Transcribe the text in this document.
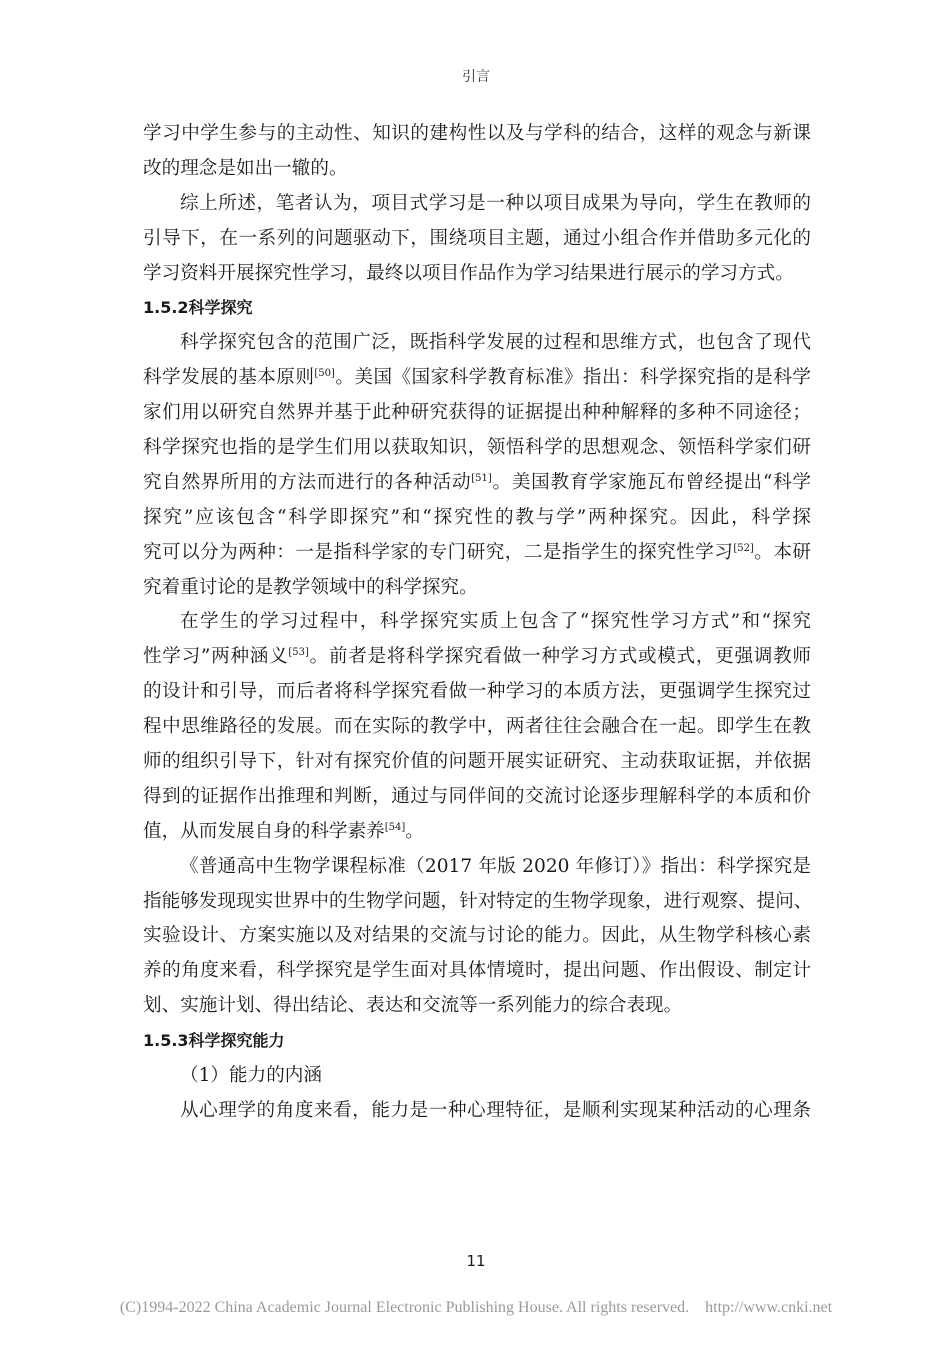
引言
学习中学生参与的主动性、知识的建构性以及与学科的结合，这样的观念与新课
改的理念是如出一辙的。
综上所述，笔者认为，项目式学习是一种以项目成果为导向，学生在教师的
引导下，在一系列的问题驱动下，围绕项目主题，通过小组合作并借助多元化的
学习资料开展探究性学习，最终以项目作品作为学习结果进行展示的学习方式。
1.5.2科学探究
科学探究包含的范围广泛，既指科学发展的过程和思维方式，也包含了现代
科学发展的基本原则[50]。美国《国家科学教育标准》指出：科学探究指的是科学
家们用以研究自然界并基于此种研究获得的证据提出种种解释的多种不同途径；
科学探究也指的是学生们用以获取知识，领悟科学的思想观念、领悟科学家们研
究自然界所用的方法而进行的各种活动[51]。美国教育学家施瓦布曾经提出“科学
探究”应该包含“科学即探究”和“探究性的教与学”两种探究。因此，科学探
究可以分为两种：一是指科学家的专门研究，二是指学生的探究性学习[52]。本研
究着重讨论的是教学领域中的科学探究。
在学生的学习过程中，科学探究实质上包含了“探究性学习方式”和“探究
性学习”两种涵义[53]。前者是将科学探究看做一种学习方式或模式，更强调教师
的设计和引导，而后者将科学探究看做一种学习的本质方法，更强调学生探究过
程中思维路径的发展。而在实际的教学中，两者往往会融合在一起。即学生在教
师的组织引导下，针对有探究价值的问题开展实证研究、主动获取证据，并依据
得到的证据作出推理和判断，通过与同伴间的交流讨论逐步理解科学的本质和价
值，从而发展自身的科学素养[54]。
《普通高中生物学课程标准（2017 年版 2020 年修订）》指出：科学探究是
指能够发现现实世界中的生物学问题，针对特定的生物学现象，进行观察、提问、
实验设计、方案实施以及对结果的交流与讨论的能力。因此，从生物学科核心素
养的角度来看，科学探究是学生面对具体情境时，提出问题、作出假设、制定计
划、实施计划、得出结论、表达和交流等一系列能力的综合表现。
1.5.3科学探究能力
（1）能力的内涵
从心理学的角度来看，能力是一种心理特征，是顺利实现某种活动的心理条
11
(C)1994-2022 China Academic Journal Electronic Publishing House. All rights reserved. http://www.cnki.net
